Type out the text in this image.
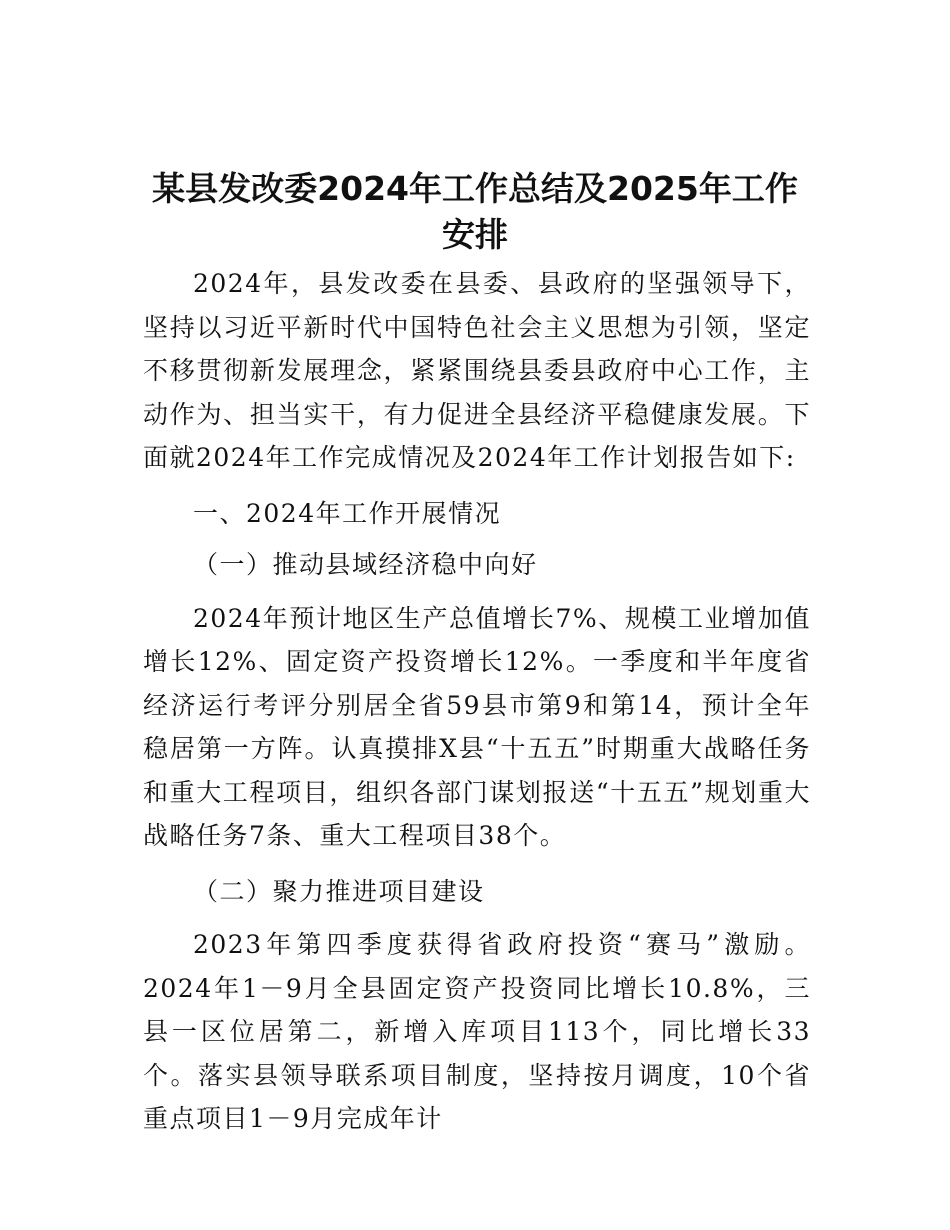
某县发改委2024年工作总结及2025年工作安排

2024年，县发改委在县委、县政府的坚强领导下，坚持以习近平新时代中国特色社会主义思想为引领，坚定不移贯彻新发展理念，紧紧围绕县委县政府中心工作，主动作为、担当实干，有力促进全县经济平稳健康发展。下面就2024年工作完成情况及2024年工作计划报告如下:

一、2024年工作开展情况

（一）推动县域经济稳中向好

2024年预计地区生产总值增长7%、规模工业增加值增长12%、固定资产投资增长12%。一季度和半年度省经济运行考评分别居全省59县市第9和第14，预计全年稳居第一方阵。认真摸排X县“十五五”时期重大战略任务和重大工程项目，组织各部门谋划报送“十五五”规划重大战略任务7条、重大工程项目38个。

（二）聚力推进项目建设

2023年第四季度获得省政府投资“赛马”激励。2024年1－9月全县固定资产投资同比增长10.8%，三县一区位居第二，新增入库项目113个，同比增长33个。落实县领导联系项目制度，坚持按月调度，10个省重点项目1－9月完成年计
